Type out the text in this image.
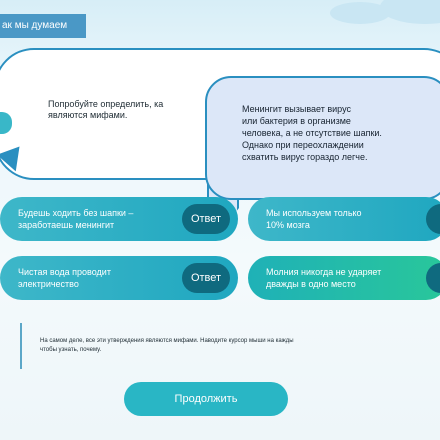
ак мы думаем
Попробуйте определить, ка
являются мифами.
Менингит вызывает вирус
или бактерия в организме
человека, а не отсутствие шапки.
Однако при переохлаждении
схватить вирус гораздо легче.
Будешь ходить без шапки –
заработаешь менингит	Ответ	Мы используем только
10% мозга
Чистая вода проводит
электричество	Ответ	Молния никогда не ударяет
дважды в одно место
На самом деле, все эти утверждения являются мифами. Наводите курсор мыши на кажды
чтобы узнать, почему.
Продолжить
